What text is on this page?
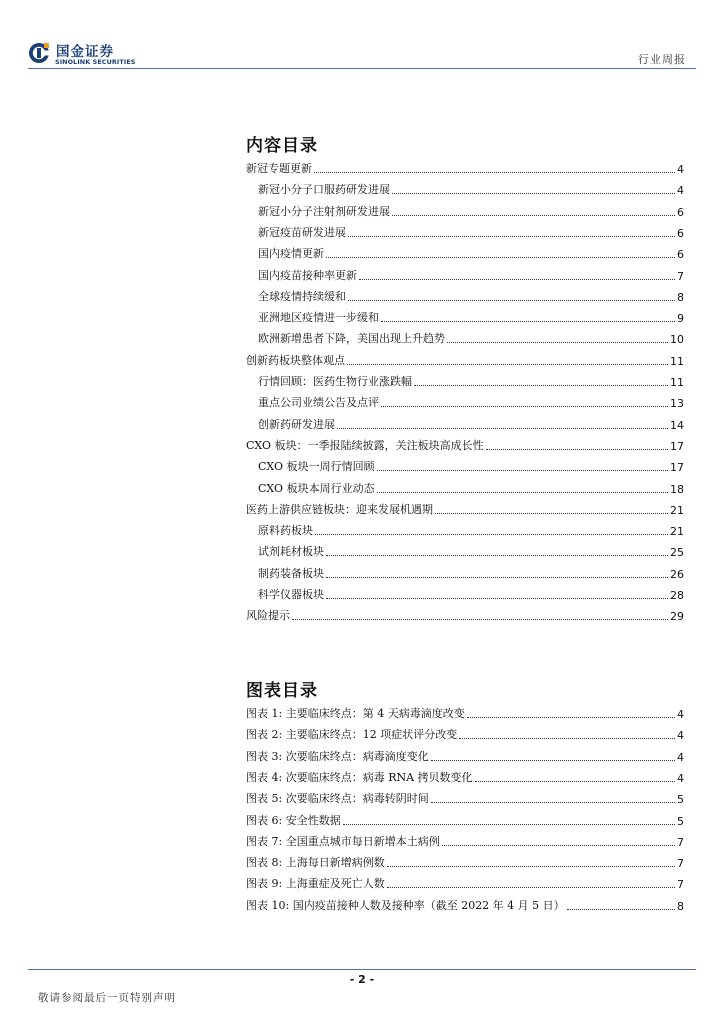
国金证券
SINOLINK SECURITIES	行业周报
内容目录
新冠专题更新	4
新冠小分子口服药研发进展	4
新冠小分子注射剂研发进展	6
新冠疫苗研发进展	6
国内疫情更新	6
国内疫苗接种率更新	7
全球疫情持续缓和	8
亚洲地区疫情进一步缓和	9
欧洲新增患者下降，美国出现上升趋势	10
创新药板块整体观点	11
行情回顾：医药生物行业涨跌幅	11
重点公司业绩公告及点评	13
创新药研发进展	14
CXO 板块：一季报陆续披露，关注板块高成长性	17
CXO 板块一周行情回顾	17
CXO 板块本周行业动态	18
医药上游供应链板块：迎来发展机遇期	21
原料药板块	21
试剂耗材板块	25
制药装备板块	26
科学仪器板块	28
风险提示	29
图表目录
图表 1: 主要临床终点：第 4 天病毒滴度改变	4
图表 2: 主要临床终点：12 项症状评分改变	4
图表 3: 次要临床终点：病毒滴度变化	4
图表 4: 次要临床终点：病毒 RNA 拷贝数变化	4
图表 5: 次要临床终点：病毒转阴时间	5
图表 6: 安全性数据	5
图表 7: 全国重点城市每日新增本土病例	7
图表 8: 上海每日新增病例数	7
图表 9: 上海重症及死亡人数	7
图表 10: 国内疫苗接种人数及接种率（截至 2022 年 4 月 5 日）	8
- 2 -
敬请参阅最后一页特别声明
